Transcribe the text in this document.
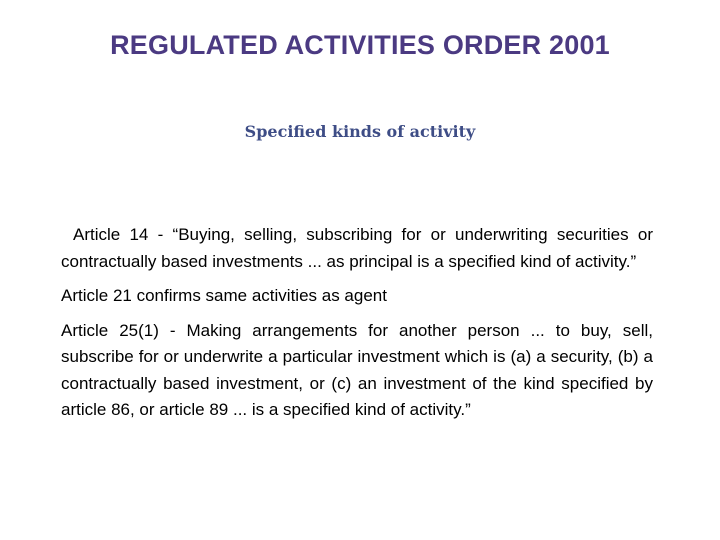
REGULATED ACTIVITIES ORDER 2001
Specified kinds of activity

Article 14 - “Buying, selling, subscribing for or underwriting securities or contractually based investments ... as principal is a specified kind of activity.”

Article 21 confirms same activities as agent

Article 25(1) - Making arrangements for another person ... to buy, sell, subscribe for or underwrite a particular investment which is (a) a security, (b) a contractually based investment, or (c) an investment of the kind specified by article 86, or article 89 ... is a specified kind of activity.”
